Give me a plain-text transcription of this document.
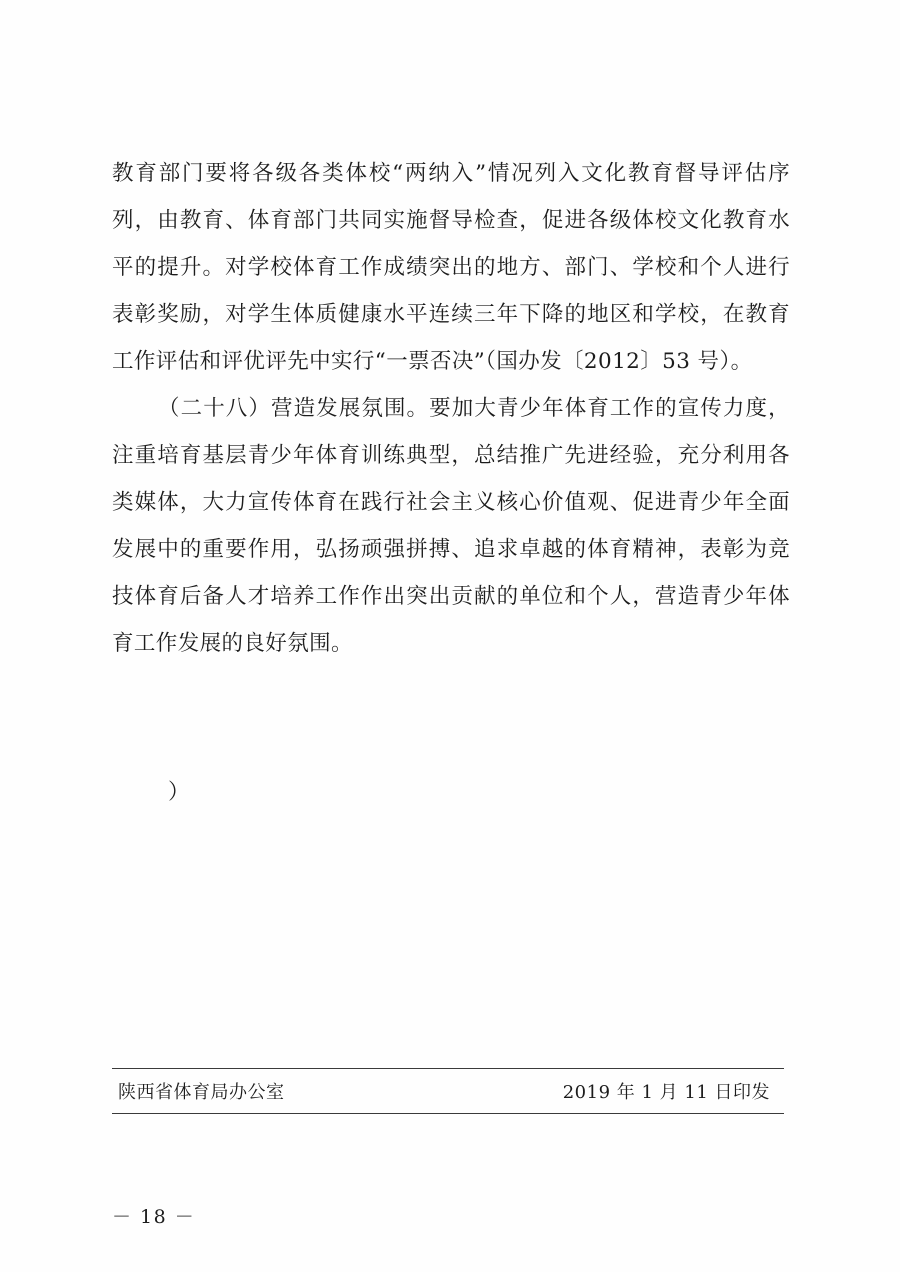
教育部门要将各级各类体校“两纳入”情况列入文化教育督导评估序列，由教育、体育部门共同实施督导检查，促进各级体校文化教育水平的提升。对学校体育工作成绩突出的地方、部门、学校和个人进行表彰奖励，对学生体质健康水平连续三年下降的地区和学校，在教育工作评估和评优评先中实行“一票否决”（国办发〔2012〕53 号）。

（二十八）营造发展氛围。要加大青少年体育工作的宣传力度，注重培育基层青少年体育训练典型，总结推广先进经验，充分利用各类媒体，大力宣传体育在践行社会主义核心价值观、促进青少年全面发展中的重要作用，弘扬顽强拼搏、追求卓越的体育精神，表彰为竞技体育后备人才培养工作作出突出贡献的单位和个人，营造青少年体育工作发展的良好氛围。

）
陕西省体育局办公室	2019 年 1 月 11 日印发
－ 18 －
